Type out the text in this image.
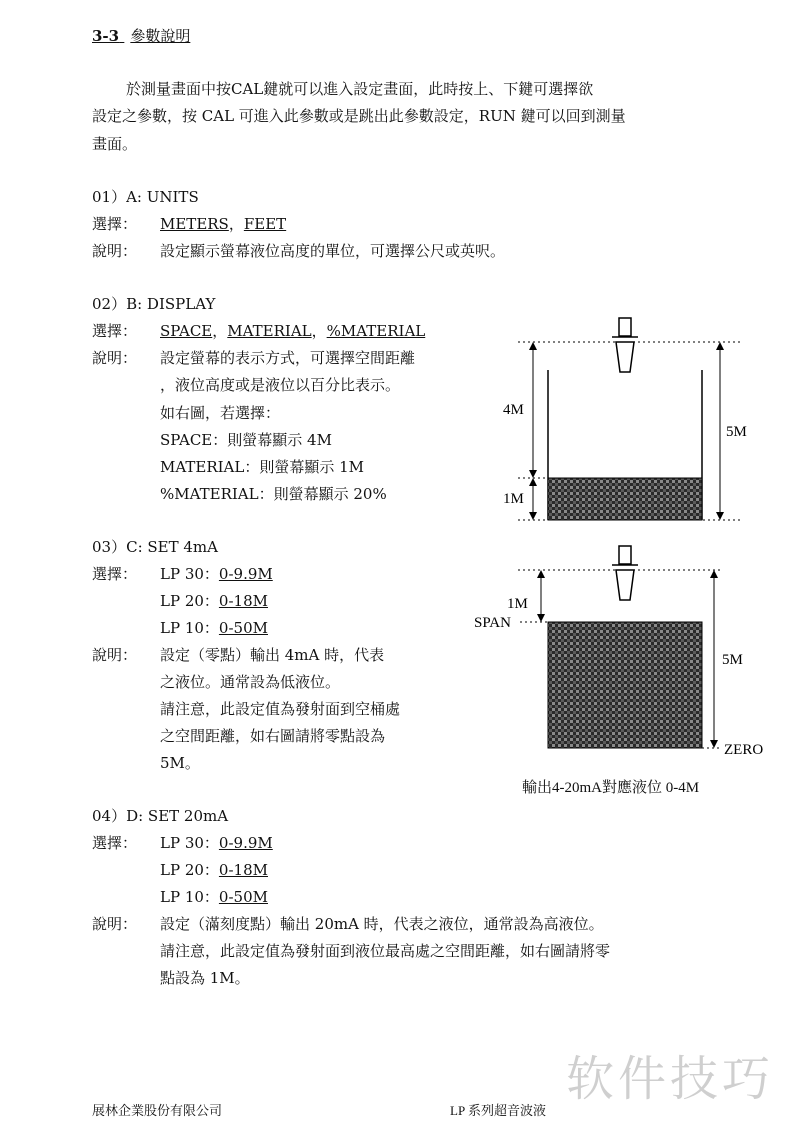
3-3 參數說明
於測量畫面中按CAL鍵就可以進入設定畫面，此時按上、下鍵可選擇欲
設定之參數，按 CAL 可進入此參數或是跳出此參數設定，RUN 鍵可以回到測量
畫面。
01）A: UNITS
選擇： METERS，FEET
說明： 設定顯示螢幕液位高度的單位，可選擇公尺或英呎。
02）B: DISPLAY
選擇： SPACE，MATERIAL，%MATERIAL
說明： 設定螢幕的表示方式，可選擇空間距離
，液位高度或是液位以百分比表示。
如右圖，若選擇：
SPACE：則螢幕顯示 4M
MATERIAL：則螢幕顯示 1M
%MATERIAL：則螢幕顯示 20%
03）C: SET 4mA
選擇： LP 30：0-9.9M
LP 20：0-18M
LP 10：0-50M
說明： 設定（零點）輸出 4mA 時，代表
之液位。通常設為低液位。
請注意，此設定值為發射面到空桶處
之空間距離，如右圖請將零點設為
5M。
04）D: SET 20mA
選擇： LP 30：0-9.9M
LP 20：0-18M
LP 10：0-50M
說明： 設定（滿刻度點）輸出 20mA 時，代表之液位，通常設為高液位。
請注意，此設定值為發射面到液位最高處之空間距離，如右圖請將零
點設為 1M。
4M
1M
5M
1M
SPAN
5M
ZERO
輸出4-20mA對應液位 0-4M
软件技巧
展林企業股份有限公司	LP 系列超音波液
